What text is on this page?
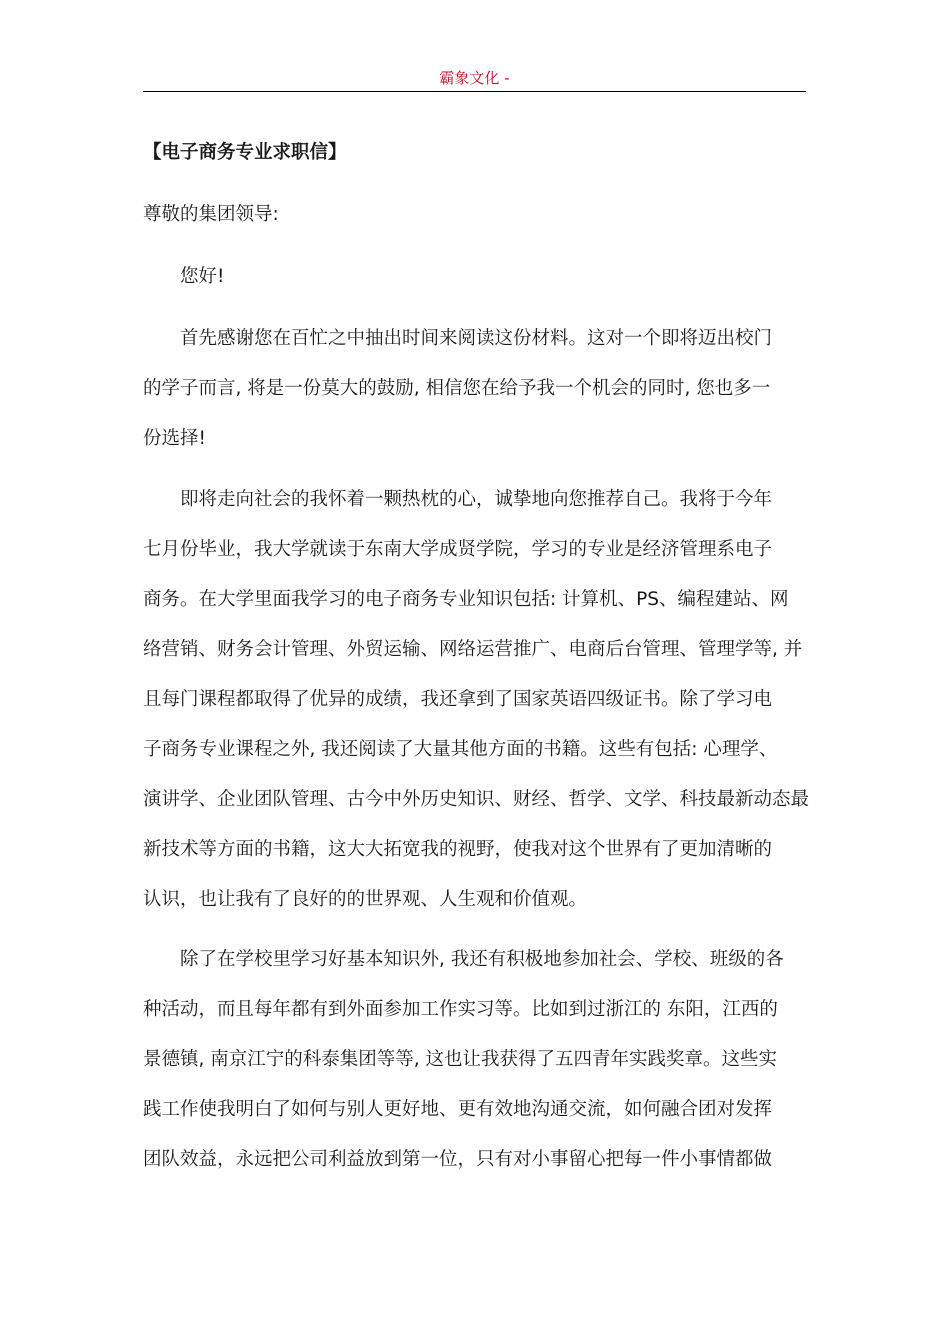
霸象文化 -
【电子商务专业求职信】
尊敬的集团领导:
　　您好!
　　首先感谢您在百忙之中抽出时间来阅读这份材料。这对一个即将迈出校门
的学子而言, 将是一份莫大的鼓励, 相信您在给予我一个机会的同时, 您也多一
份选择!
　　即将走向社会的我怀着一颗热枕的心，诚挚地向您推荐自己。我将于今年
七月份毕业，我大学就读于东南大学成贤学院，学习的专业是经济管理系电子
商务。在大学里面我学习的电子商务专业知识包括: 计算机、PS、编程建站、网
络营销、财务会计管理、外贸运输、网络运营推广、电商后台管理、管理学等, 并
且每门课程都取得了优异的成绩，我还拿到了国家英语四级证书。除了学习电
子商务专业课程之外, 我还阅读了大量其他方面的书籍。这些有包括: 心理学、
演讲学、企业团队管理、古今中外历史知识、财经、哲学、文学、科技最新动态最
新技术等方面的书籍，这大大拓宽我的视野，使我对这个世界有了更加清晰的
认识，也让我有了良好的的世界观、人生观和价值观。
　　除了在学校里学习好基本知识外, 我还有积极地参加社会、学校、班级的各
种活动，而且每年都有到外面参加工作实习等。比如到过浙江的 东阳，江西的
景德镇, 南京江宁的科泰集团等等, 这也让我获得了五四青年实践奖章。这些实
践工作使我明白了如何与别人更好地、更有效地沟通交流，如何融合团对发挥
团队效益，永远把公司利益放到第一位，只有对小事留心把每一件小事情都做
